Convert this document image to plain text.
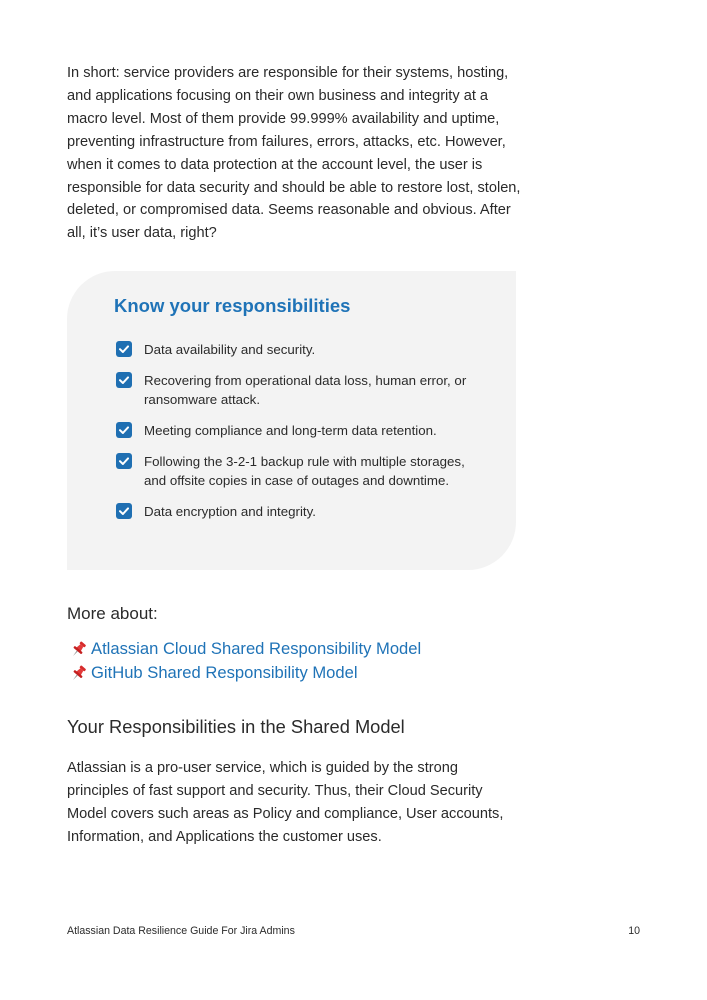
In short: service providers are responsible for their systems, hosting, and applications focusing on their own business and integrity at a macro level. Most of them provide 99.999% availability and uptime, preventing infrastructure from failures, errors, attacks, etc. However, when it comes to data protection at the account level, the user is responsible for data security and should be able to restore lost, stolen, deleted, or compromised data. Seems reasonable and obvious. After all, it’s user data, right?

Know your responsibilities
Data availability and security.
Recovering from operational data loss, human error, or ransomware attack.
Meeting compliance and long-term data retention.
Following the 3-2-1 backup rule with multiple storages, and offsite copies in case of outages and downtime.
Data encryption and integrity.

More about:

Atlassian Cloud Shared Responsibility Model
GitHub Shared Responsibility Model
Your Responsibilities in the Shared Model

Atlassian is a pro-user service, which is guided by the strong principles of fast support and security. Thus, their Cloud Security Model covers such areas as Policy and compliance, User accounts, Information, and Applications the customer uses.

Atlassian Data Resilience Guide For Jira Admins	10
